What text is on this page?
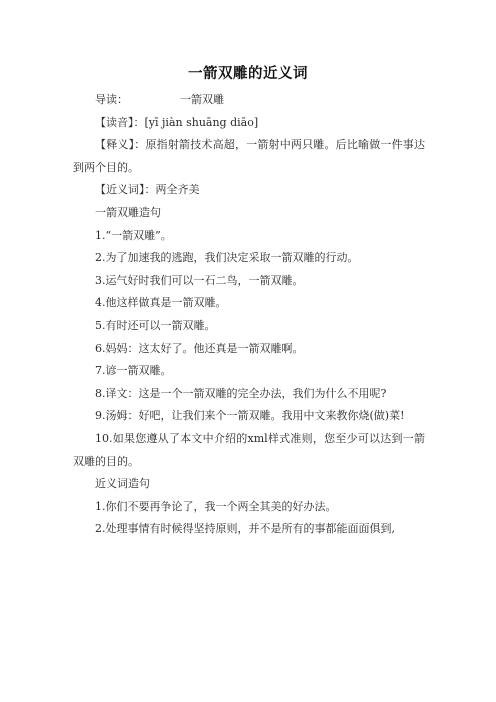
一箭双雕的近义词

导读：	一箭双雕

【读音】：[yī jiàn shuāng diāo]

【释义】：原指射箭技术高超，一箭射中两只雕。后比喻做一件事达到两个目的。

【近义词】：两全齐美

一箭双雕造句

1.“一箭双雕”。

2.为了加速我的逃跑，我们决定采取一箭双雕的行动。

3.运气好时我们可以一石二鸟，一箭双雕。

4.他这样做真是一箭双雕。

5.有时还可以一箭双雕。

6.妈妈：这太好了。他还真是一箭双雕啊。

7.谚一箭双雕。

8.译文：这是一个一箭双雕的完全办法，我们为什么不用呢?

9.汤姆：好吧，让我们来个一箭双雕。我用中文来教你烧(做)菜!

10.如果您遵从了本文中介绍的xml样式准则，您至少可以达到一箭双雕的目的。

近义词造句

1.你们不要再争论了，我一个两全其美的好办法。

2.处理事情有时候得坚持原则，并不是所有的事都能面面俱到,
